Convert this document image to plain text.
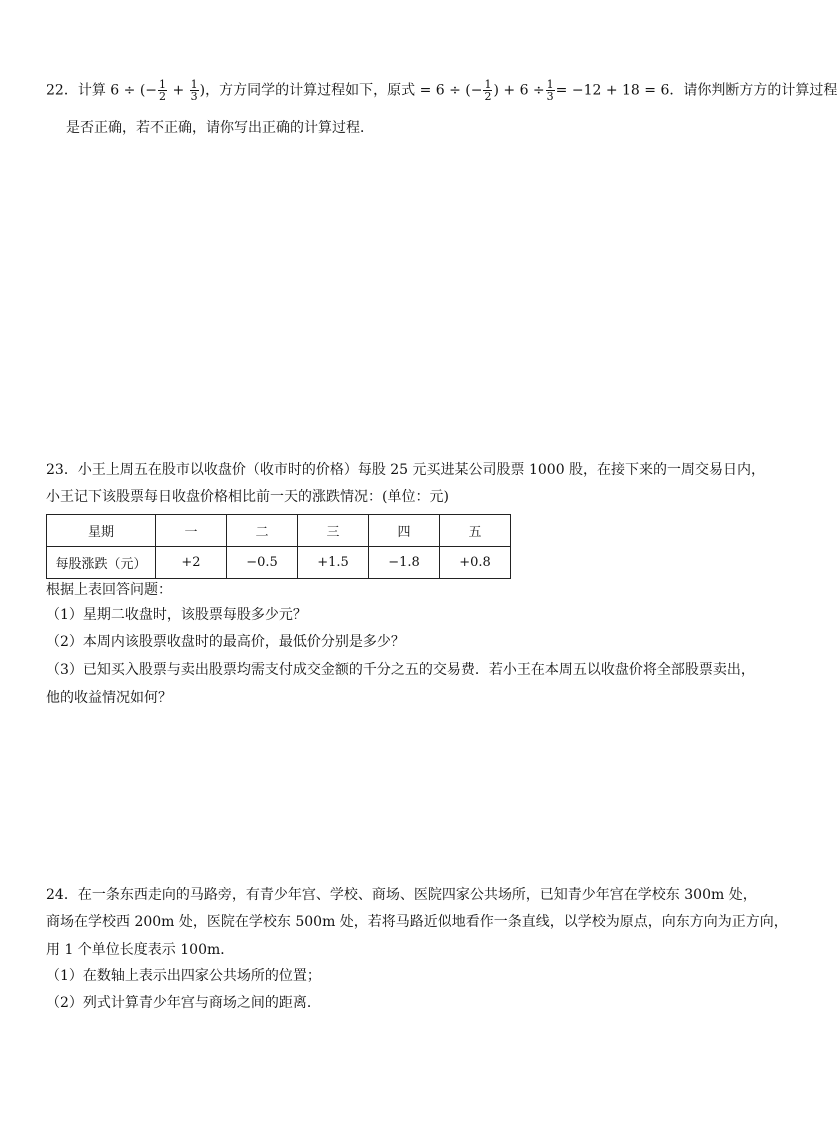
22．计算 6 ÷ (− $\frac{1}{2} + \frac{1}{3}$ )，方方同学的计算过程如下，原式 = 6 ÷ (− $\frac{1}{2}$ ) + $6 \div \frac{1}{3} = -12 + 18 = 6$．请你判断方方的计算过程
是否正确，若不正确，请你写出正确的计算过程．
23．小王上周五在股市以收盘价（收市时的价格）每股 25 元买进某公司股票 1000 股，在接下来的一周交易日内，
小王记下该股票每日收盘价格相比前一天的涨跌情况：(单位：元)
星期	一	二	三	四	五
每股涨跌（元）	+2	−0.5	+1.5	−1.8	+0.8
根据上表回答问题：
（1）星期二收盘时，该股票每股多少元？
（2）本周内该股票收盘时的最高价，最低价分别是多少？
（3）已知买入股票与卖出股票均需支付成交金额的千分之五的交易费．若小王在本周五以收盘价将全部股票卖出，
他的收益情况如何？
24．在一条东西走向的马路旁，有青少年宫、学校、商场、医院四家公共场所，已知青少年宫在学校东 300m 处，
商场在学校西 200m 处，医院在学校东 500m 处，若将马路近似地看作一条直线，以学校为原点，向东方向为正方向，
用 1 个单位长度表示 100m．
（1）在数轴上表示出四家公共场所的位置；
（2）列式计算青少年宫与商场之间的距离．
